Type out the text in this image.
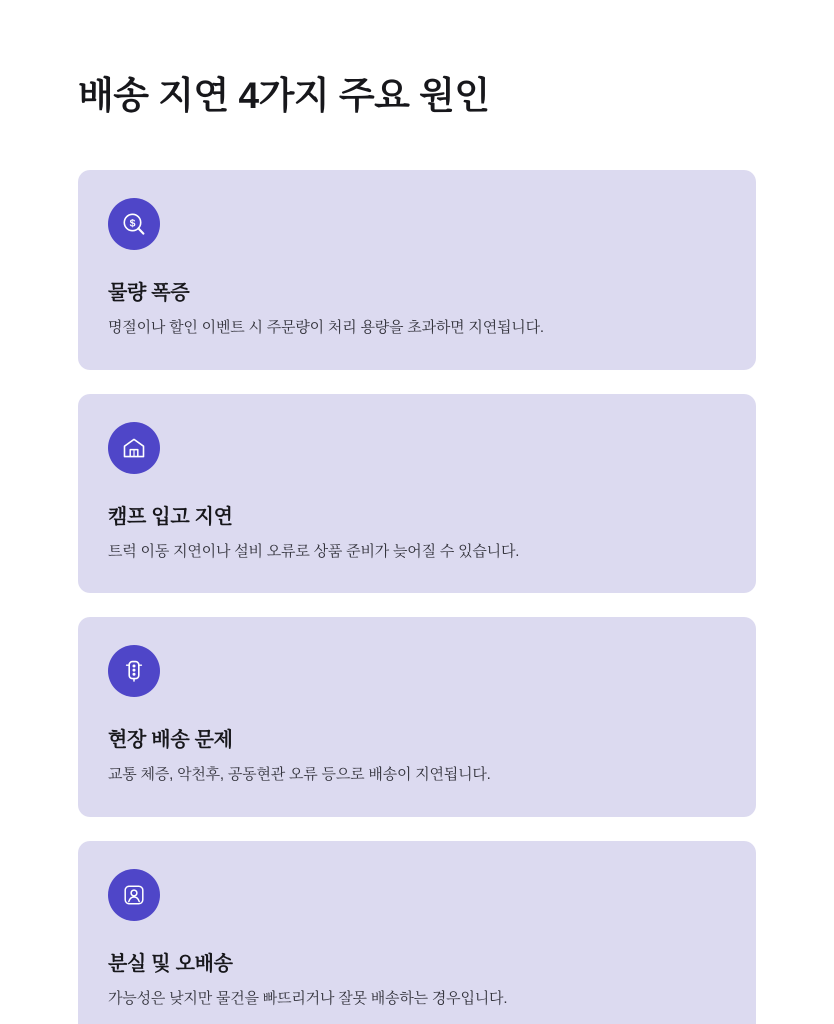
배송 지연 4가지 주요 원인
$
물량 폭증

명절이나 할인 이벤트 시 주문량이 처리 용량을 초과하면 지연됩니다.

캠프 입고 지연

트럭 이동 지연이나 설비 오류로 상품 준비가 늦어질 수 있습니다.

현장 배송 문제

교통 체증, 악천후, 공동현관 오류 등으로 배송이 지연됩니다.

분실 및 오배송

가능성은 낮지만 물건을 빠뜨리거나 잘못 배송하는 경우입니다.
